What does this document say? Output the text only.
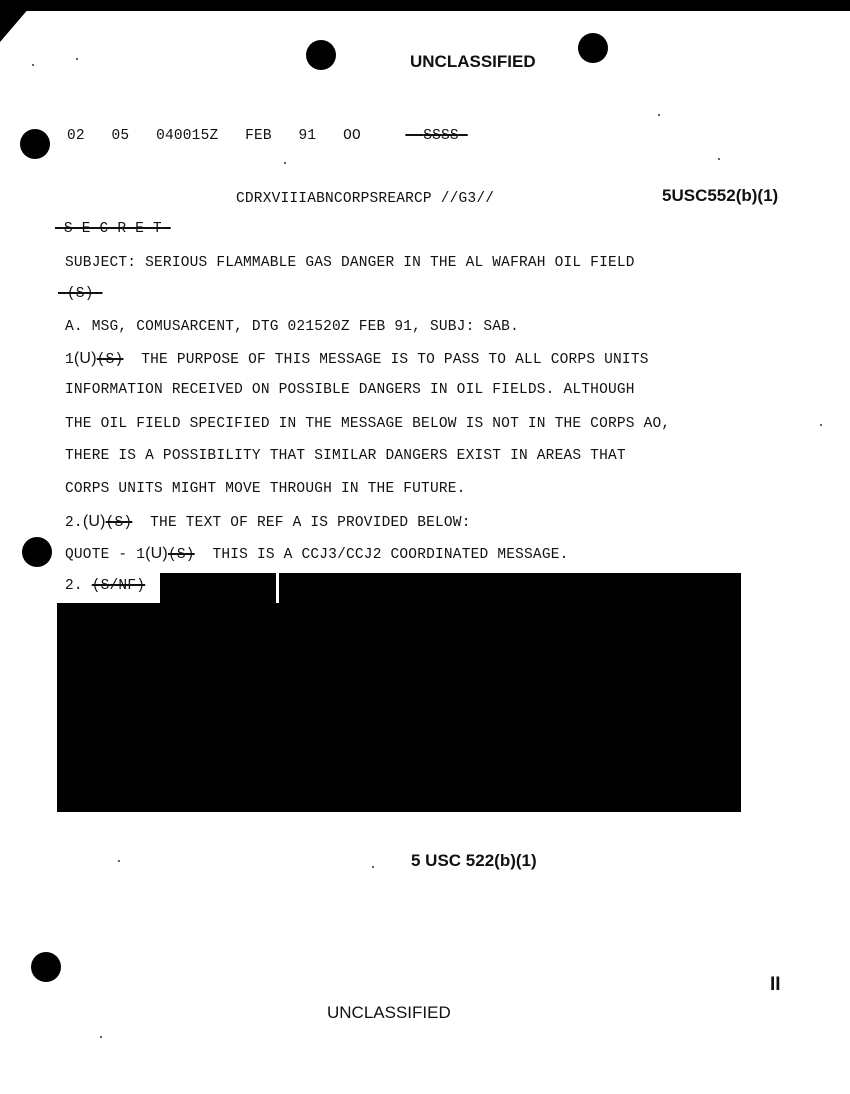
UNCLASSIFIED
02 05 040015Z FEB 91 OO	SSSS
CDRXVIIIABNCORPSREARCP //G3//	5USC552(b)(1)
S E C R E T
SUBJECT: SERIOUS FLAMMABLE GAS DANGER IN THE AL WAFRAH OIL FIELD
(S)
A. MSG, COMUSARCENT, DTG 021520Z FEB 91, SUBJ: SAB.
1(U)(S) THE PURPOSE OF THIS MESSAGE IS TO PASS TO ALL CORPS UNITS
INFORMATION RECEIVED ON POSSIBLE DANGERS IN OIL FIELDS. ALTHOUGH
THE OIL FIELD SPECIFIED IN THE MESSAGE BELOW IS NOT IN THE CORPS AO,
THERE IS A POSSIBILITY THAT SIMILAR DANGERS EXIST IN AREAS THAT
CORPS UNITS MIGHT MOVE THROUGH IN THE FUTURE.
2.(U)(S) THE TEXT OF REF A IS PROVIDED BELOW:
QUOTE - 1(U)(S) THIS IS A CCJ3/CCJ2 COORDINATED MESSAGE.
2. (S/NF)
5 USC 522(b)(1)
UNCLASSIFIED
II
